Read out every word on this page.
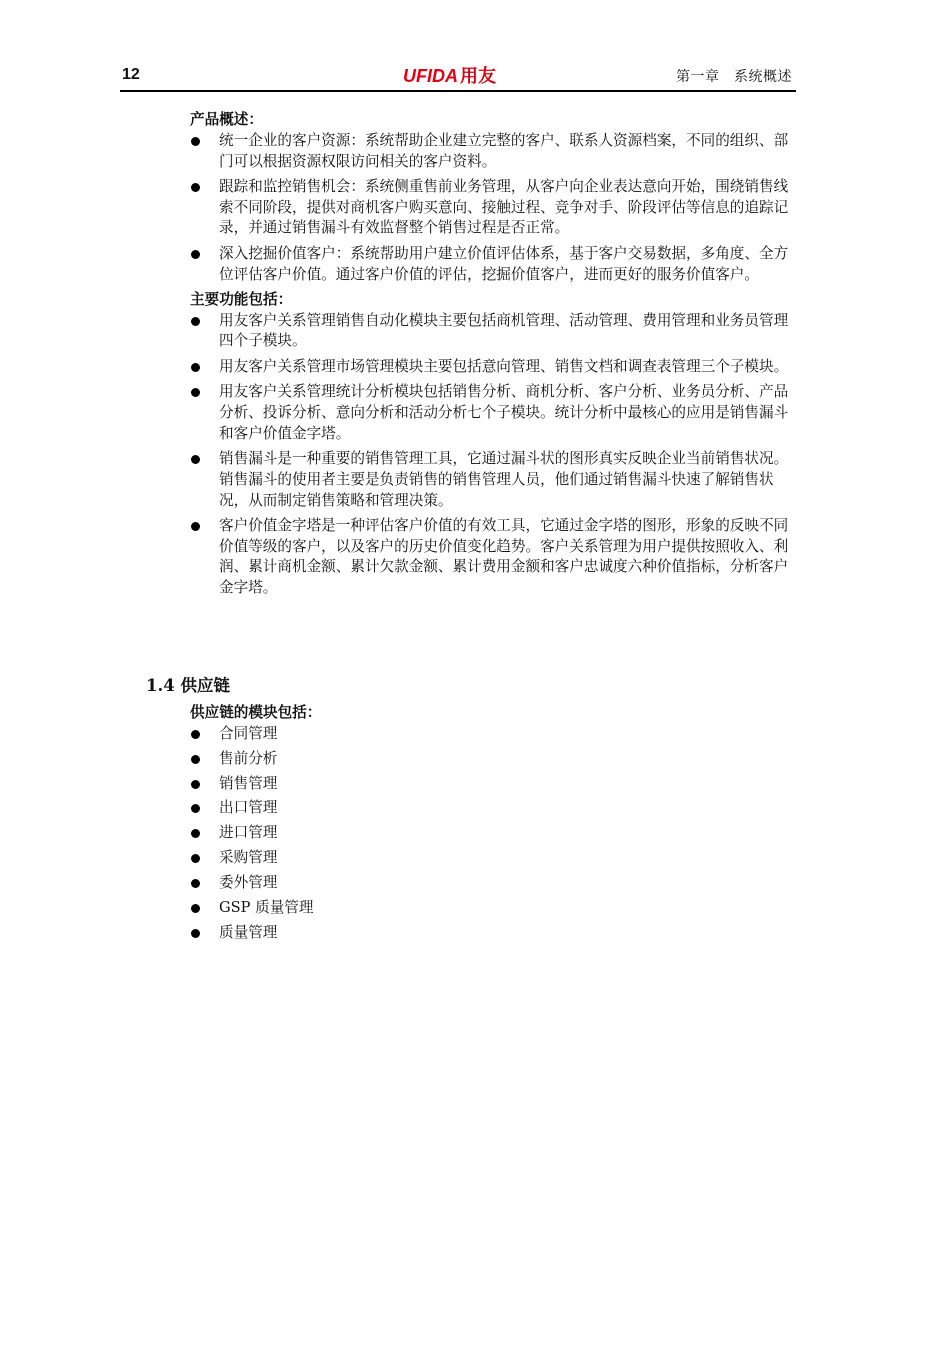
12	UFIDA 用友	第一章　系统概述

产品概述：

统一企业的客户资源：系统帮助企业建立完整的客户、联系人资源档案，不同的组织、部门可以根据资源权限访问相关的客户资料。
跟踪和监控销售机会：系统侧重售前业务管理，从客户向企业表达意向开始，围绕销售线索不同阶段，提供对商机客户购买意向、接触过程、竞争对手、阶段评估等信息的追踪记录，并通过销售漏斗有效监督整个销售过程是否正常。
深入挖掘价值客户：系统帮助用户建立价值评估体系，基于客户交易数据，多角度、全方位评估客户价值。通过客户价值的评估，挖掘价值客户，进而更好的服务价值客户。

主要功能包括：

用友客户关系管理销售自动化模块主要包括商机管理、活动管理、费用管理和业务员管理四个子模块。
用友客户关系管理市场管理模块主要包括意向管理、销售文档和调查表管理三个子模块。
用友客户关系管理统计分析模块包括销售分析、商机分析、客户分析、业务员分析、产品分析、投诉分析、意向分析和活动分析七个子模块。统计分析中最核心的应用是销售漏斗和客户价值金字塔。
销售漏斗是一种重要的销售管理工具，它通过漏斗状的图形真实反映企业当前销售状况。销售漏斗的使用者主要是负责销售的销售管理人员，他们通过销售漏斗快速了解销售状况，从而制定销售策略和管理决策。
客户价值金字塔是一种评估客户价值的有效工具，它通过金字塔的图形，形象的反映不同价值等级的客户，以及客户的历史价值变化趋势。客户关系管理为用户提供按照收入、利润、累计商机金额、累计欠款金额、累计费用金额和客户忠诚度六种价值指标，分析客户金字塔。
1.4 供应链

供应链的模块包括：

合同管理
售前分析
销售管理
出口管理
进口管理
采购管理
委外管理
GSP 质量管理
质量管理
